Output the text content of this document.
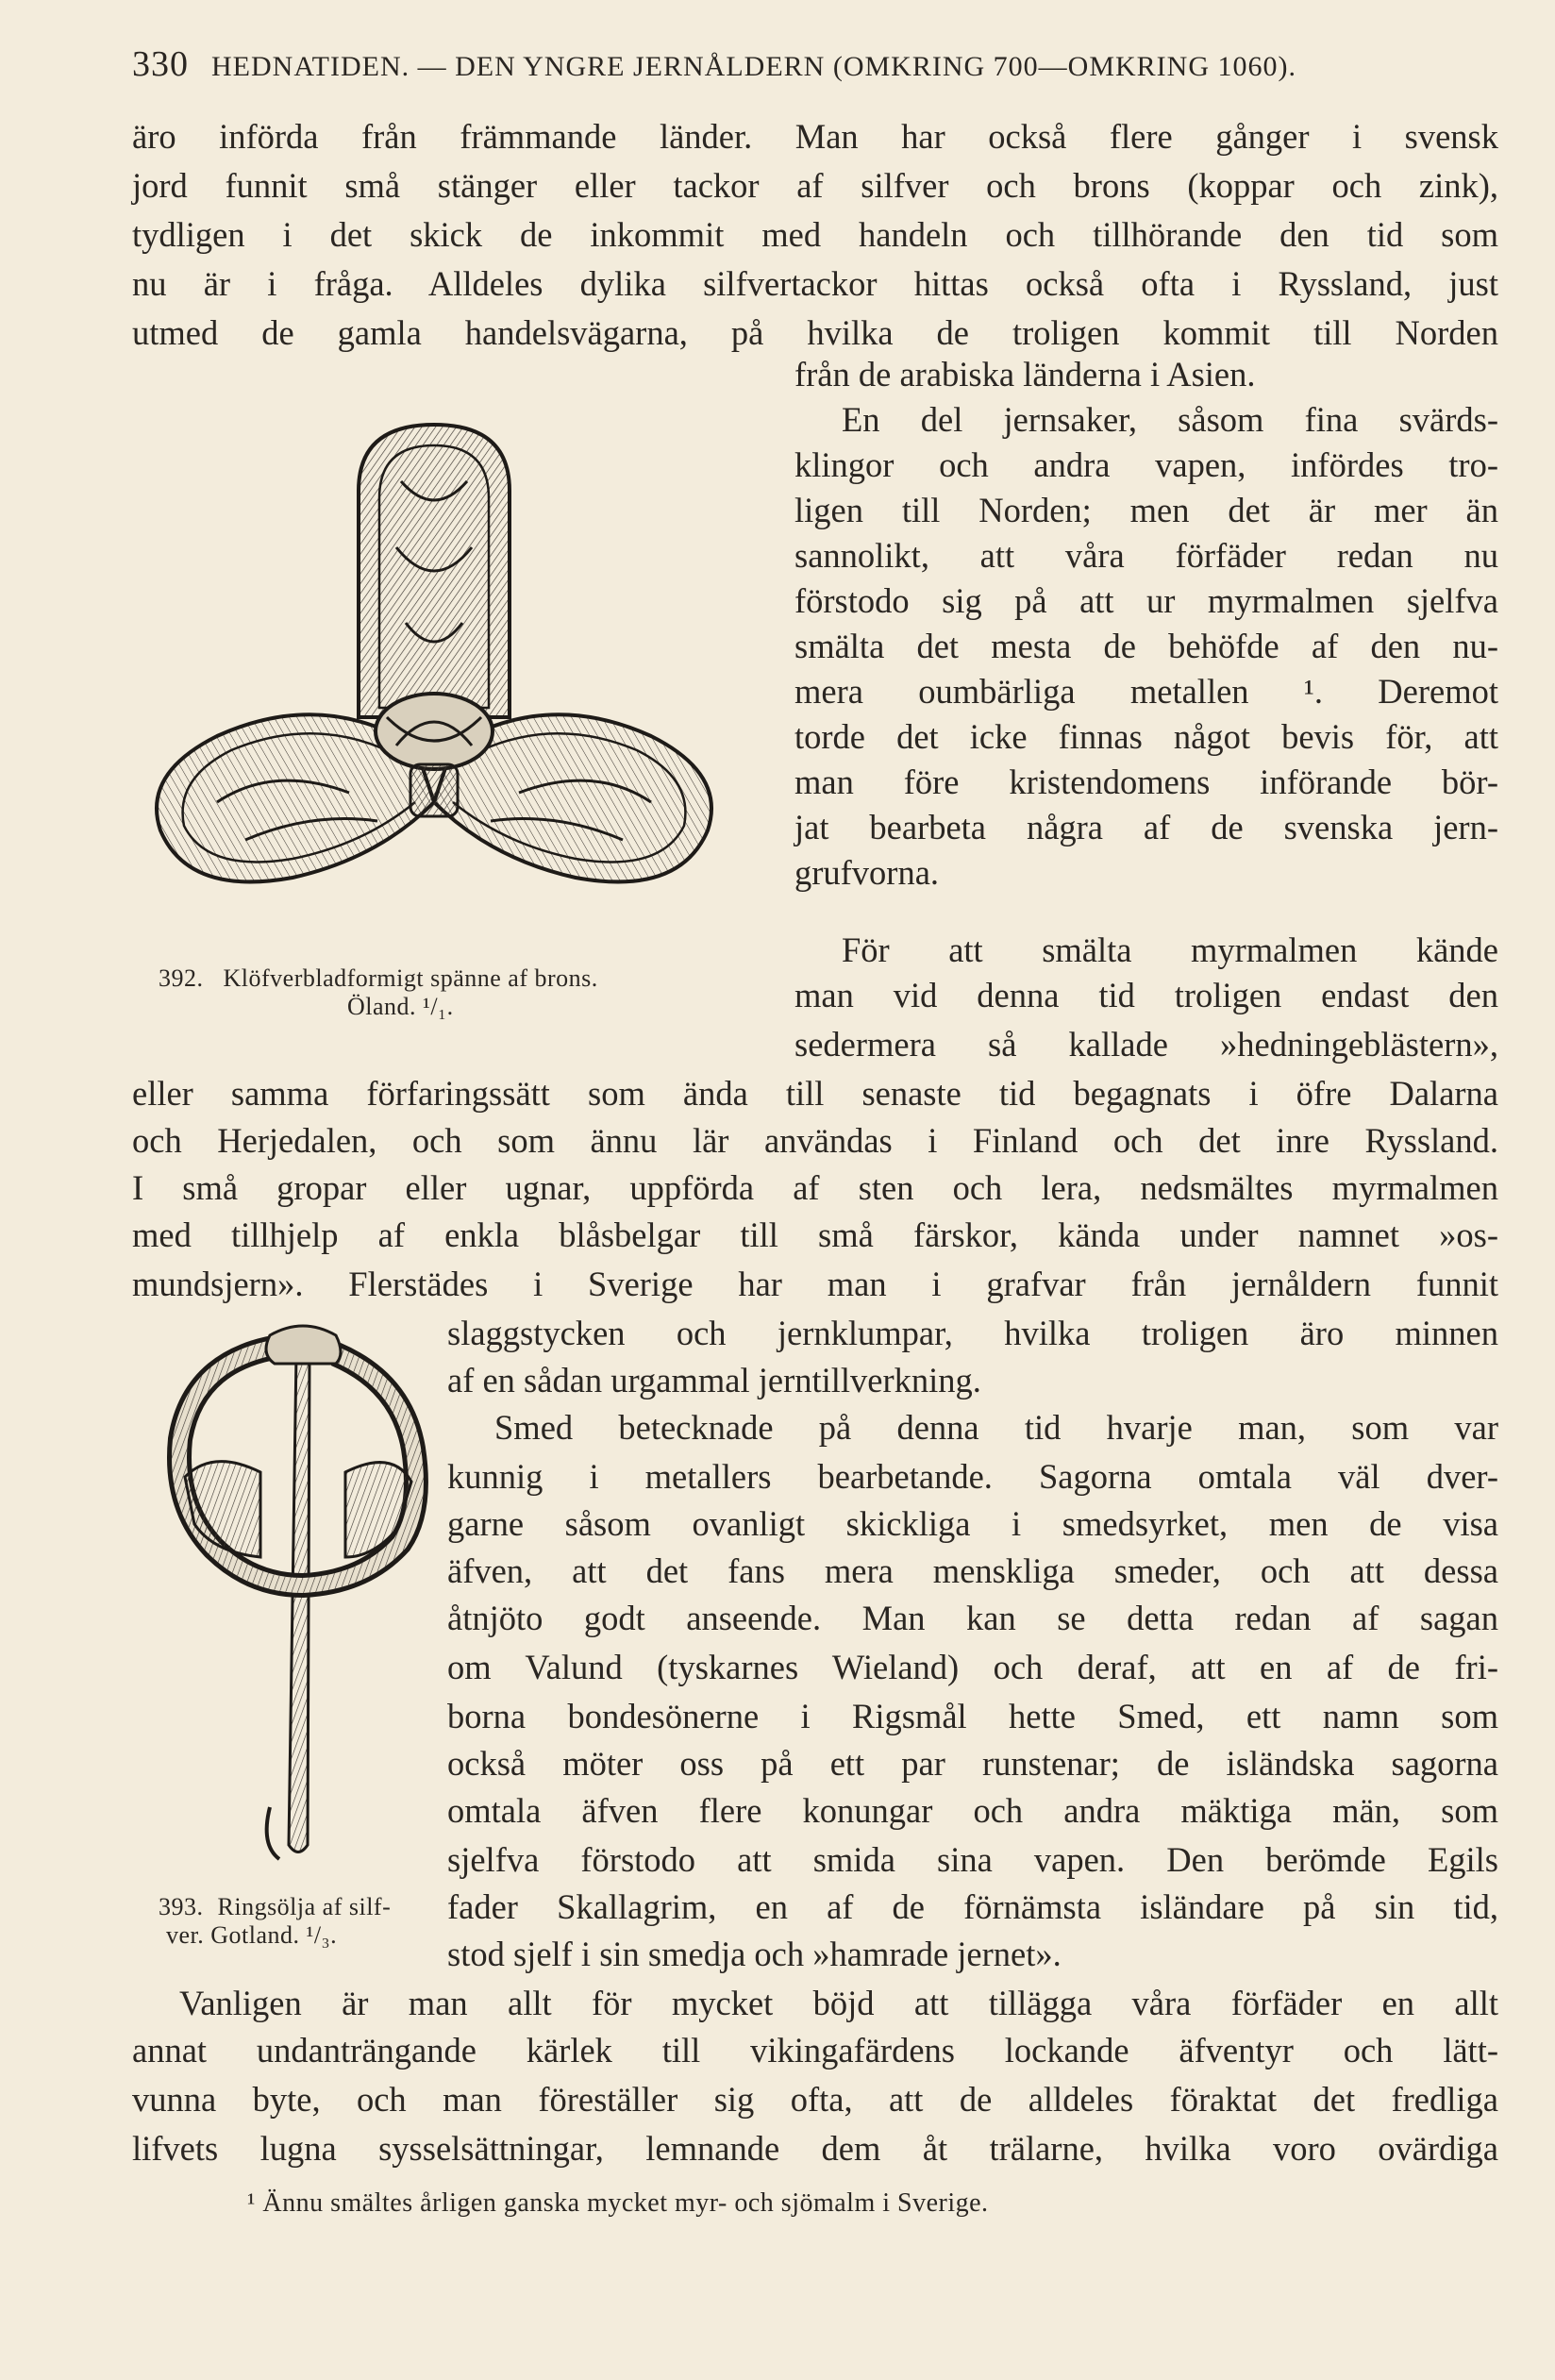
330 HEDNATIDEN. — DEN YNGRE JERNÅLDERN (OMKRING 700—OMKRING 1060).
äro införda från främmande länder. Man har också flere gånger i svensk
jord funnit små stänger eller tackor af silfver och brons (koppar och zink),
tydligen i det skick de inkommit med handeln och tillhörande den tid som
nu är i fråga. Alldeles dylika silfvertackor hittas också ofta i Ryssland, just
utmed de gamla handelsvägarna, på hvilka de troligen kommit till Norden
från de arabiska länderna i Asien.
En del jernsaker, såsom fina svärds-
klingor och andra vapen, infördes tro-
ligen till Norden; men det är mer än
sannolikt, att våra förfäder redan nu
förstodo sig på att ur myrmalmen sjelfva
smälta det mesta de behöfde af den nu-
mera oumbärliga metallen ¹. Deremot
torde det icke finnas något bevis för, att
man före kristendomens införande bör-
jat bearbeta några af de svenska jern-
grufvorna.
För att smälta myrmalmen kände
man vid denna tid troligen endast den
sedermera så kallade »hedningeblästern»,
eller samma förfaringssätt som ända till senaste tid begagnats i öfre Dalarna
och Herjedalen, och som ännu lär användas i Finland och det inre Ryssland.
I små gropar eller ugnar, uppförda af sten och lera, nedsmältes myrmalmen
med tillhjelp af enkla blåsbelgar till små färskor, kända under namnet »os-
mundsjern». Flerstädes i Sverige har man i grafvar från jernåldern funnit
slaggstycken och jernklumpar, hvilka troligen äro minnen
af en sådan urgammal jerntillverkning.
Smed betecknade på denna tid hvarje man, som var
kunnig i metallers bearbetande. Sagorna omtala väl dver-
garne såsom ovanligt skickliga i smedsyrket, men de visa
äfven, att det fans mera menskliga smeder, och att dessa
åtnjöto godt anseende. Man kan se detta redan af sagan
om Valund (tyskarnes Wieland) och deraf, att en af de fri-
borna bondesönerne i Rigsmål hette Smed, ett namn som
också möter oss på ett par runstenar; de isländska sagorna
omtala äfven flere konungar och andra mäktiga män, som
sjelfva förstodo att smida sina vapen. Den berömde Egils
fader Skallagrim, en af de förnämsta isländare på sin tid,
stod sjelf i sin smedja och »hamrade jernet».
Vanligen är man allt för mycket böjd att tillägga våra förfäder en allt
annat undanträngande kärlek till vikingafärdens lockande äfventyr och lätt-
vunna byte, och man föreställer sig ofta, att de alldeles föraktat det fredliga
lifvets lugna sysselsättningar, lemnande dem åt trälarne, hvilka voro ovärdiga
392. Klöfverbladformigt spänne af brons.
Öland. ¹/₁.
393. Ringsölja af silf-
ver. Gotland. ¹/₃.
¹ Ännu smältes årligen ganska mycket myr- och sjömalm i Sverige.
